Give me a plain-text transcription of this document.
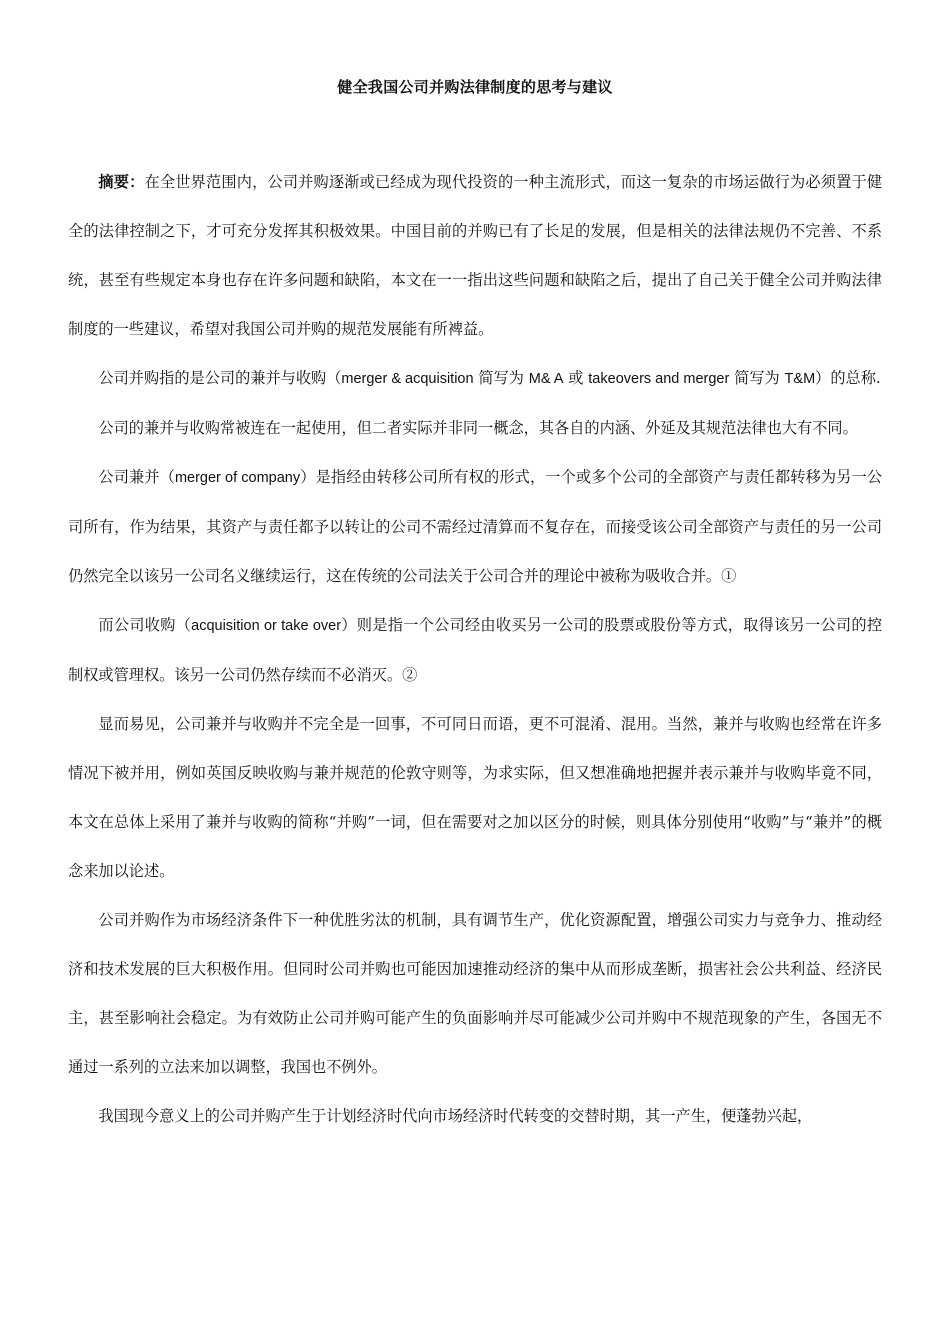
健全我国公司并购法律制度的思考与建议

摘要：在全世界范围内，公司并购逐渐或已经成为现代投资的一种主流形式，而这一复杂的市场运做行为必须置于健全的法律控制之下，才可充分发挥其积极效果。中国目前的并购已有了长足的发展，但是相关的法律法规仍不完善、不系统，甚至有些规定本身也存在许多问题和缺陷，本文在一一指出这些问题和缺陷之后，提出了自己关于健全公司并购法律制度的一些建议，希望对我国公司并购的规范发展能有所裨益。

公司并购指的是公司的兼并与收购（merger & acquisition 简写为 M& A 或 takeovers and merger 简写为 T&M）的总称.

公司的兼并与收购常被连在一起使用，但二者实际并非同一概念，其各自的内涵、外延及其规范法律也大有不同。

公司兼并（merger of company）是指经由转移公司所有权的形式，一个或多个公司的全部资产与责任都转移为另一公司所有，作为结果，其资产与责任都予以转让的公司不需经过清算而不复存在，而接受该公司全部资产与责任的另一公司仍然完全以该另一公司名义继续运行，这在传统的公司法关于公司合并的理论中被称为吸收合并。①

而公司收购（acquisition or take over）则是指一个公司经由收买另一公司的股票或股份等方式，取得该另一公司的控制权或管理权。该另一公司仍然存续而不必消灭。②

显而易见，公司兼并与收购并不完全是一回事，不可同日而语，更不可混淆、混用。当然，兼并与收购也经常在许多情况下被并用，例如英国反映收购与兼并规范的伦敦守则等，为求实际，但又想准确地把握并表示兼并与收购毕竟不同，本文在总体上采用了兼并与收购的简称“并购”一词，但在需要对之加以区分的时候，则具体分别使用“收购”与“兼并”的概念来加以论述。

公司并购作为市场经济条件下一种优胜劣汰的机制，具有调节生产，优化资源配置，增强公司实力与竞争力、推动经济和技术发展的巨大积极作用。但同时公司并购也可能因加速推动经济的集中从而形成垄断，损害社会公共利益、经济民主，甚至影响社会稳定。为有效防止公司并购可能产生的负面影响并尽可能减少公司并购中不规范现象的产生，各国无不通过一系列的立法来加以调整，我国也不例外。

我国现今意义上的公司并购产生于计划经济时代向市场经济时代转变的交替时期，其一产生，便蓬勃兴起，
